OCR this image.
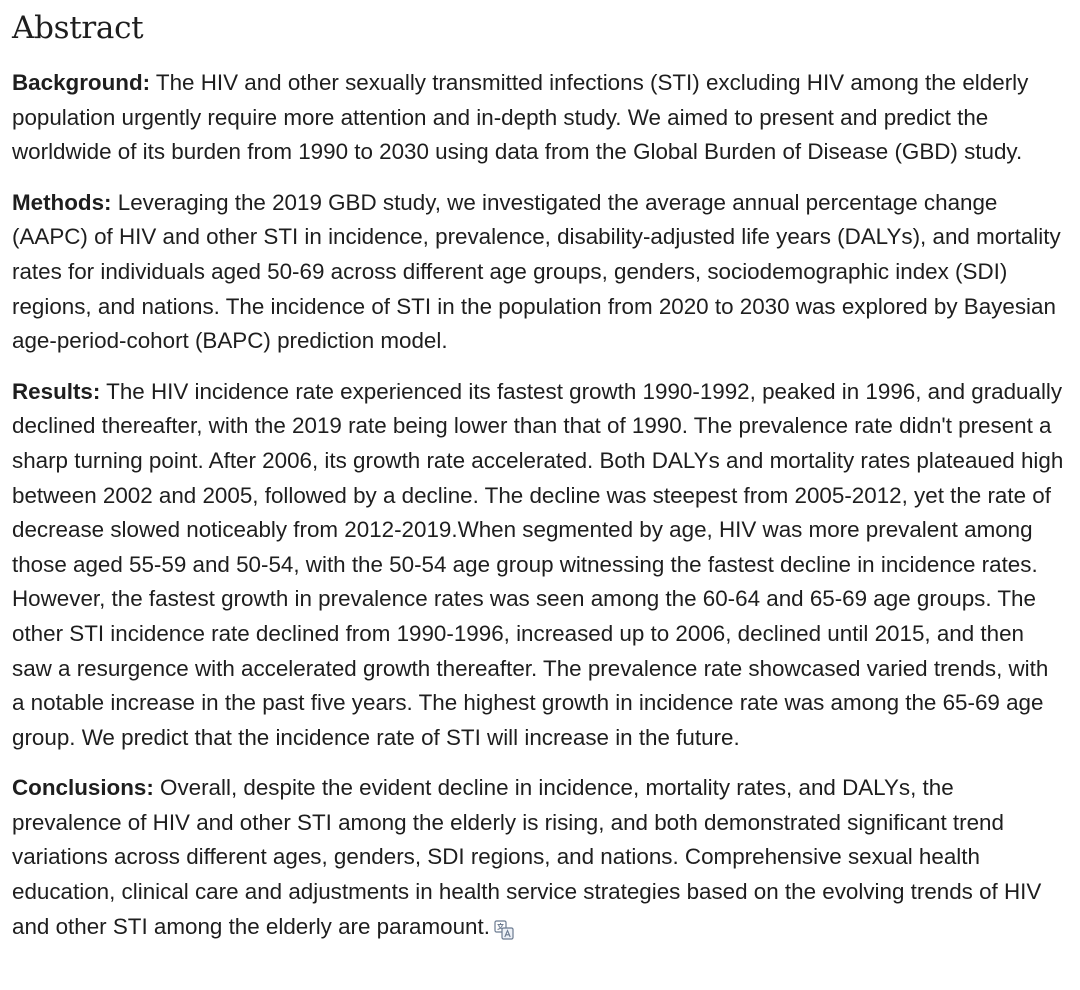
Abstract

Background: The HIV and other sexually transmitted infections (STI) excluding HIV among the elderly population urgently require more attention and in-depth study. We aimed to present and predict the worldwide of its burden from 1990 to 2030 using data from the Global Burden of Disease (GBD) study.

Methods: Leveraging the 2019 GBD study, we investigated the average annual percentage change (AAPC) of HIV and other STI in incidence, prevalence, disability-adjusted life years (DALYs), and mortality rates for individuals aged 50-69 across different age groups, genders, sociodemographic index (SDI) regions, and nations. The incidence of STI in the population from 2020 to 2030 was explored by Bayesian age-period-cohort (BAPC) prediction model.

Results: The HIV incidence rate experienced its fastest growth 1990-1992, peaked in 1996, and gradually declined thereafter, with the 2019 rate being lower than that of 1990. The prevalence rate didn't present a sharp turning point. After 2006, its growth rate accelerated. Both DALYs and mortality rates plateaued high between 2002 and 2005, followed by a decline. The decline was steepest from 2005-2012, yet the rate of decrease slowed noticeably from 2012-2019.When segmented by age, HIV was more prevalent among those aged 55-59 and 50-54, with the 50-54 age group witnessing the fastest decline in incidence rates. However, the fastest growth in prevalence rates was seen among the 60-64 and 65-69 age groups. The other STI incidence rate declined from 1990-1996, increased up to 2006, declined until 2015, and then saw a resurgence with accelerated growth thereafter. The prevalence rate showcased varied trends, with a notable increase in the past five years. The highest growth in incidence rate was among the 65-69 age group. We predict that the incidence rate of STI will increase in the future.

Conclusions: Overall, despite the evident decline in incidence, mortality rates, and DALYs, the prevalence of HIV and other STI among the elderly is rising, and both demonstrated significant trend variations across different ages, genders, SDI regions, and nations. Comprehensive sexual health education, clinical care and adjustments in health service strategies based on the evolving trends of HIV and other STI among the elderly are paramount.
